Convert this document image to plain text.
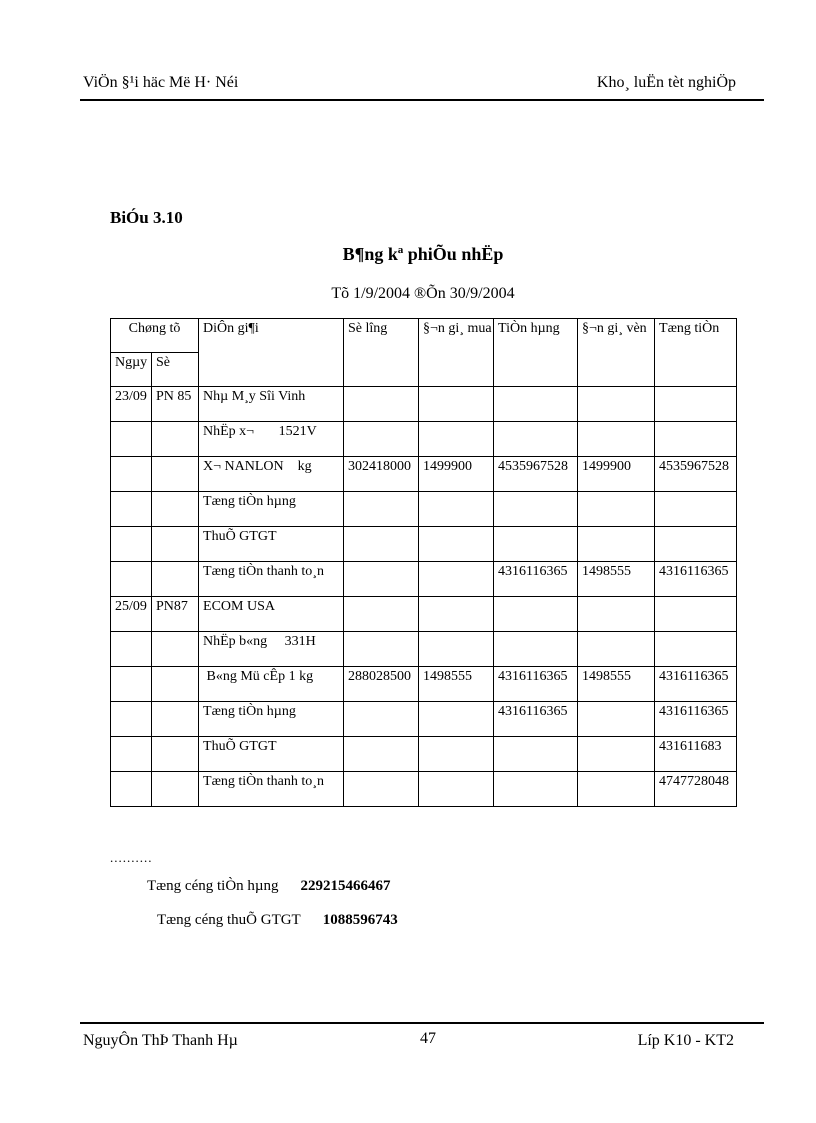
ViÖn §¹i häc Më H· Néi	Kho¸ luËn tèt nghiÖp
BiÓu 3.10
B¶ng kª phiÕu nhËp
Tõ 1/9/2004 ®Õn 30/9/2004
Chøng tõ		DiÔn gi¶i	Sè lîng	§¬n gi¸ mua	TiÒn hµng	§¬n gi¸ vèn	Tæng tiÒn
Ngµy	Sè						
23/09	PN 85	Nhµ M¸y Sîi Vinh					
		NhËp x¬       1521V					
		X¬ NANLON    kg	302418000	1499900	4535967528	1499900	4535967528
		Tæng tiÒn hµng					
		ThuÕ GTGT					
		Tæng tiÒn thanh to¸n			4316116365	1498555	4316116365
25/09	PN87	ECOM USA					
		NhËp b«ng     331H					
		B«ng Mü cÊp 1 kg	288028500	1498555	4316116365	1498555	4316116365
		Tæng tiÒn hµng			4316116365		4316116365
		ThuÕ GTGT					431611683
		Tæng tiÒn thanh to¸n					4747728048
..........
Tæng céng tiÒn hµng 229215466467
Tæng céng thuÕ GTGT 1088596743
NguyÔn ThÞ Thanh Hµ	47	Líp K10 - KT2
